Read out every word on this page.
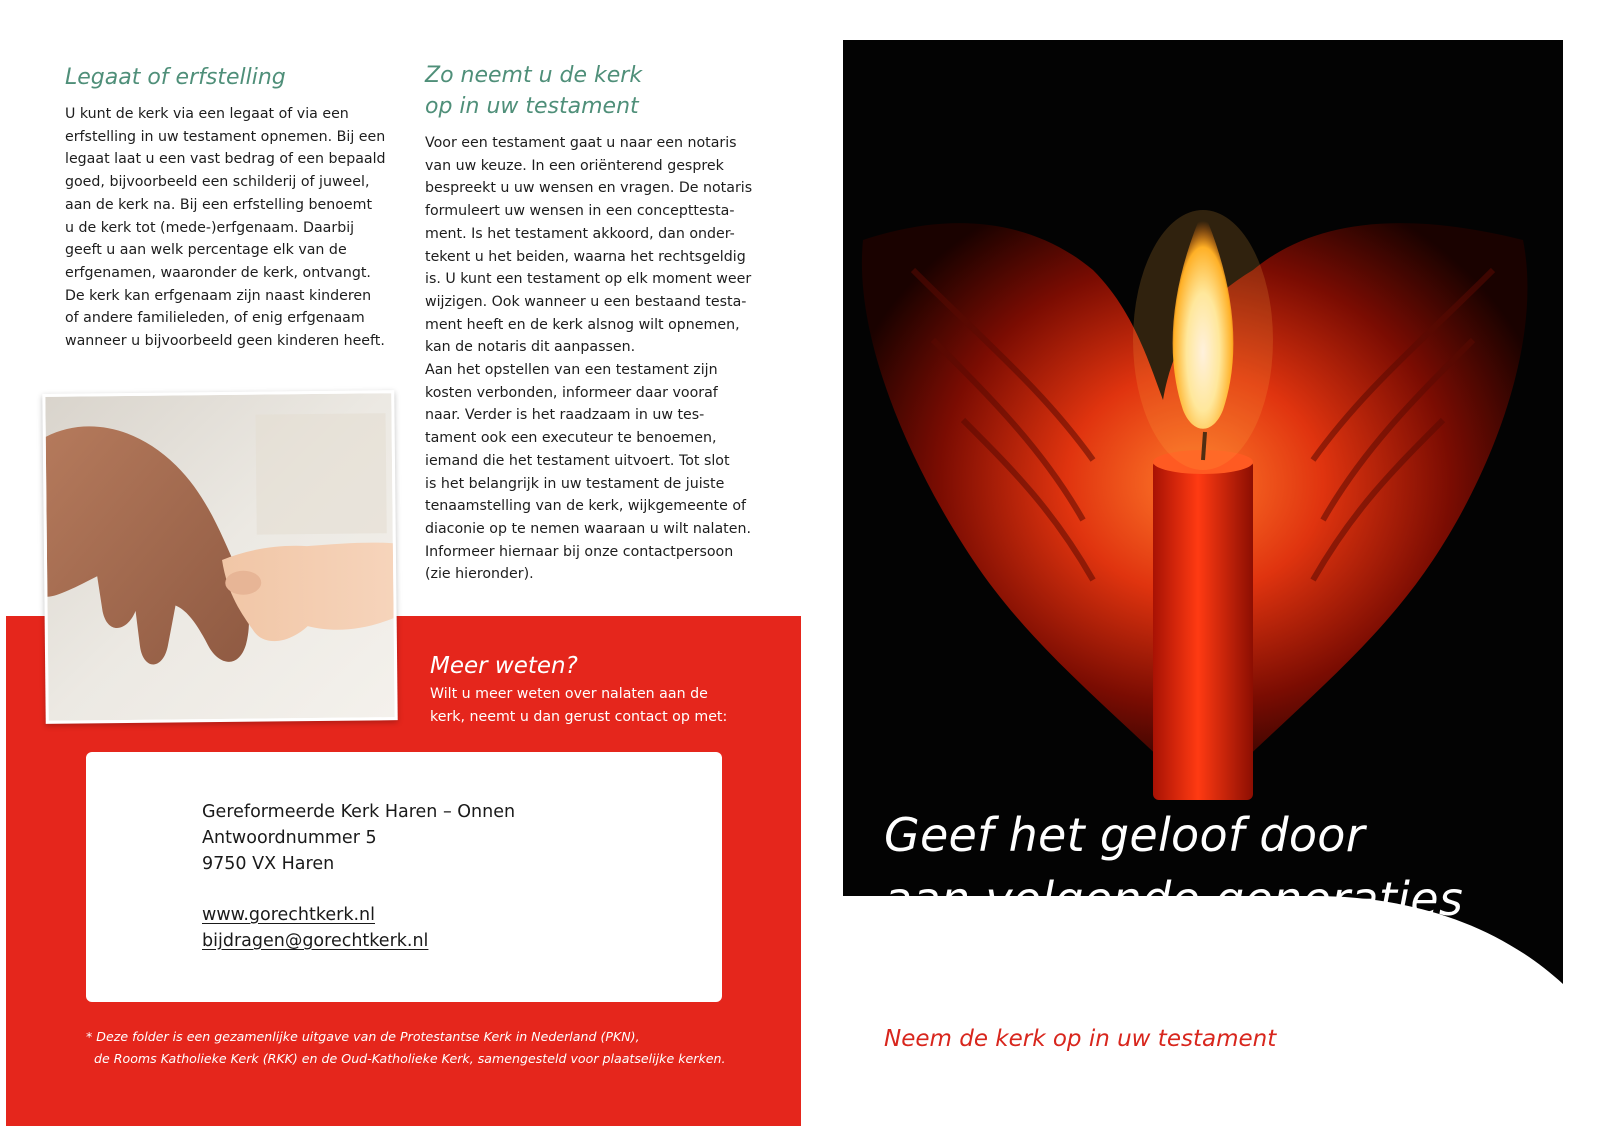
Legaat of erfstelling

U kunt de kerk via een legaat of via een

erfstelling in uw testament opnemen. Bij een

legaat laat u een vast bedrag of een bepaald

goed, bijvoorbeeld een schilderij of juweel,

aan de kerk na. Bij een erfstelling benoemt

u de kerk tot (mede-)erfgenaam. Daarbij

geeft u aan welk percentage elk van de

erfgenamen, waaronder de kerk, ontvangt.

De kerk kan erfgenaam zijn naast kinderen

of andere familieleden, of enig erfgenaam

wanneer u bijvoorbeeld geen kinderen heeft.

Zo neemt u de kerk
op in uw testament

Voor een testament gaat u naar een notaris

van uw keuze. In een oriënterend gesprek

bespreekt u uw wensen en vragen. De notaris

formuleert uw wensen in een concepttesta-

ment. Is het testament akkoord, dan onder-

tekent u het beiden, waarna het rechtsgeldig

is. U kunt een testament op elk moment weer

wijzigen. Ook wanneer u een bestaand testa-

ment heeft en de kerk alsnog wilt opnemen,

kan de notaris dit aanpassen.

Aan het opstellen van een testament zijn

kosten verbonden, informeer daar vooraf

naar. Verder is het raadzaam in uw tes-

tament ook een executeur te benoemen,

iemand die het testament uitvoert. Tot slot

is het belangrijk in uw testament de juiste

tenaamstelling van de kerk, wijkgemeente of

diaconie op te nemen waaraan u wilt nalaten.

Informeer hiernaar bij onze contactpersoon

(zie hieronder).

Meer weten?
Wilt u meer weten over nalaten aan de
kerk, neemt u dan gerust contact op met:
Gereformeerde Kerk Haren – Onnen
Antwoordnummer 5
9750 VX Haren
www.gorechtkerk.nl
bijdragen@gorechtkerk.nl
* Deze folder is een gezamenlijke uitgave van de Protestantse Kerk in Nederland (PKN),
de Rooms Katholieke Kerk (RKK) en de Oud-Katholieke Kerk, samengesteld voor plaatselijke kerken.
Geef het geloof door
aan volgende generaties
Neem de kerk op in uw testament
